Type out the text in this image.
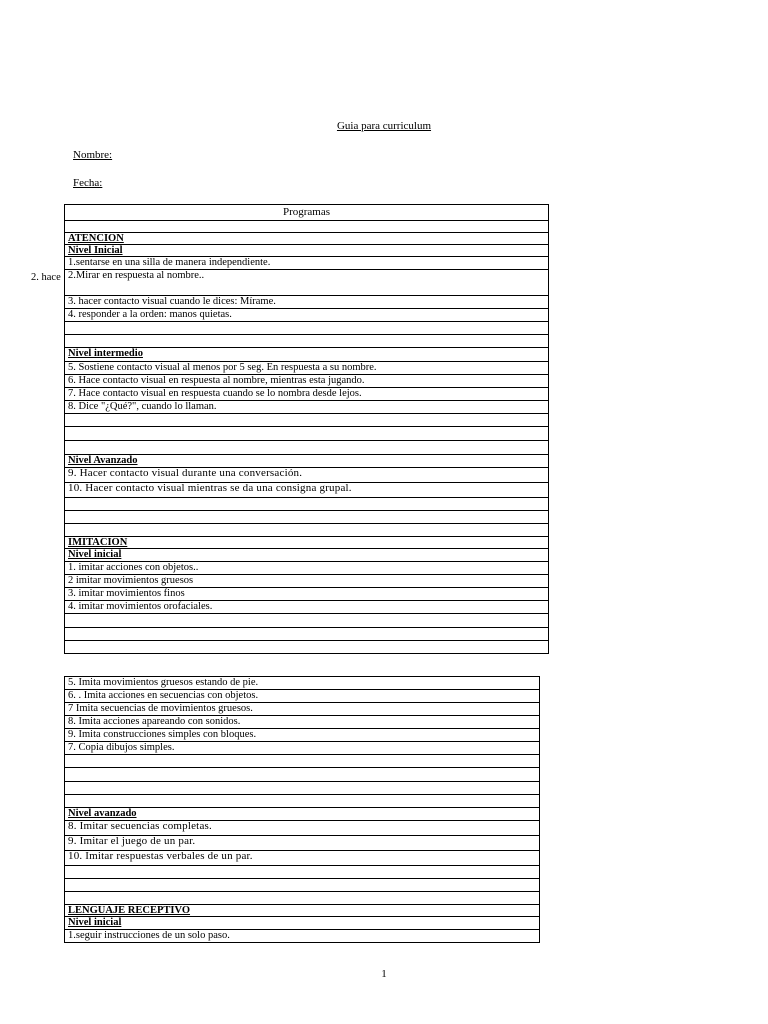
Guia para curriculum
Nombre:
Fecha:
2. hace
Programas

ATENCION
Nivel Inicial
1.sentarse en una silla de manera independiente.
2.Mirar en respuesta al nombre..
3. hacer contacto visual cuando le dices: Mírame.
4. responder a la orden: manos quietas.

Nivel intermedio
5. Sostiene contacto visual al menos por 5 seg. En respuesta a su nombre.
6. Hace contacto visual en respuesta al nombre, mientras esta jugando.
7. Hace contacto visual en respuesta cuando se lo nombra desde lejos.
8. Dice "¿Qué?", cuando lo llaman.

Nivel Avanzado
9. Hacer contacto visual durante una conversación.
10. Hacer contacto visual mientras se da una consigna grupal.

IMITACION
Nivel inicial
1. imitar acciones con objetos..
2 imitar movimientos gruesos
3. imitar movimientos finos
4. imitar movimientos orofaciales.

5. Imita movimientos gruesos estando de pie.
6. . Imita acciones en secuencias con objetos.
7 Imita secuencias de movimientos gruesos.
8. Imita acciones apareando con sonidos.
9. Imita construcciones simples con bloques.
7. Copia dibujos simples.

Nivel avanzado
8. Imitar secuencias completas.
9. Imitar el juego de un par.
10. Imitar respuestas verbales de un par.

LENGUAJE RECEPTIVO
Nivel inicial
1.seguir instrucciones de un solo paso.
1
